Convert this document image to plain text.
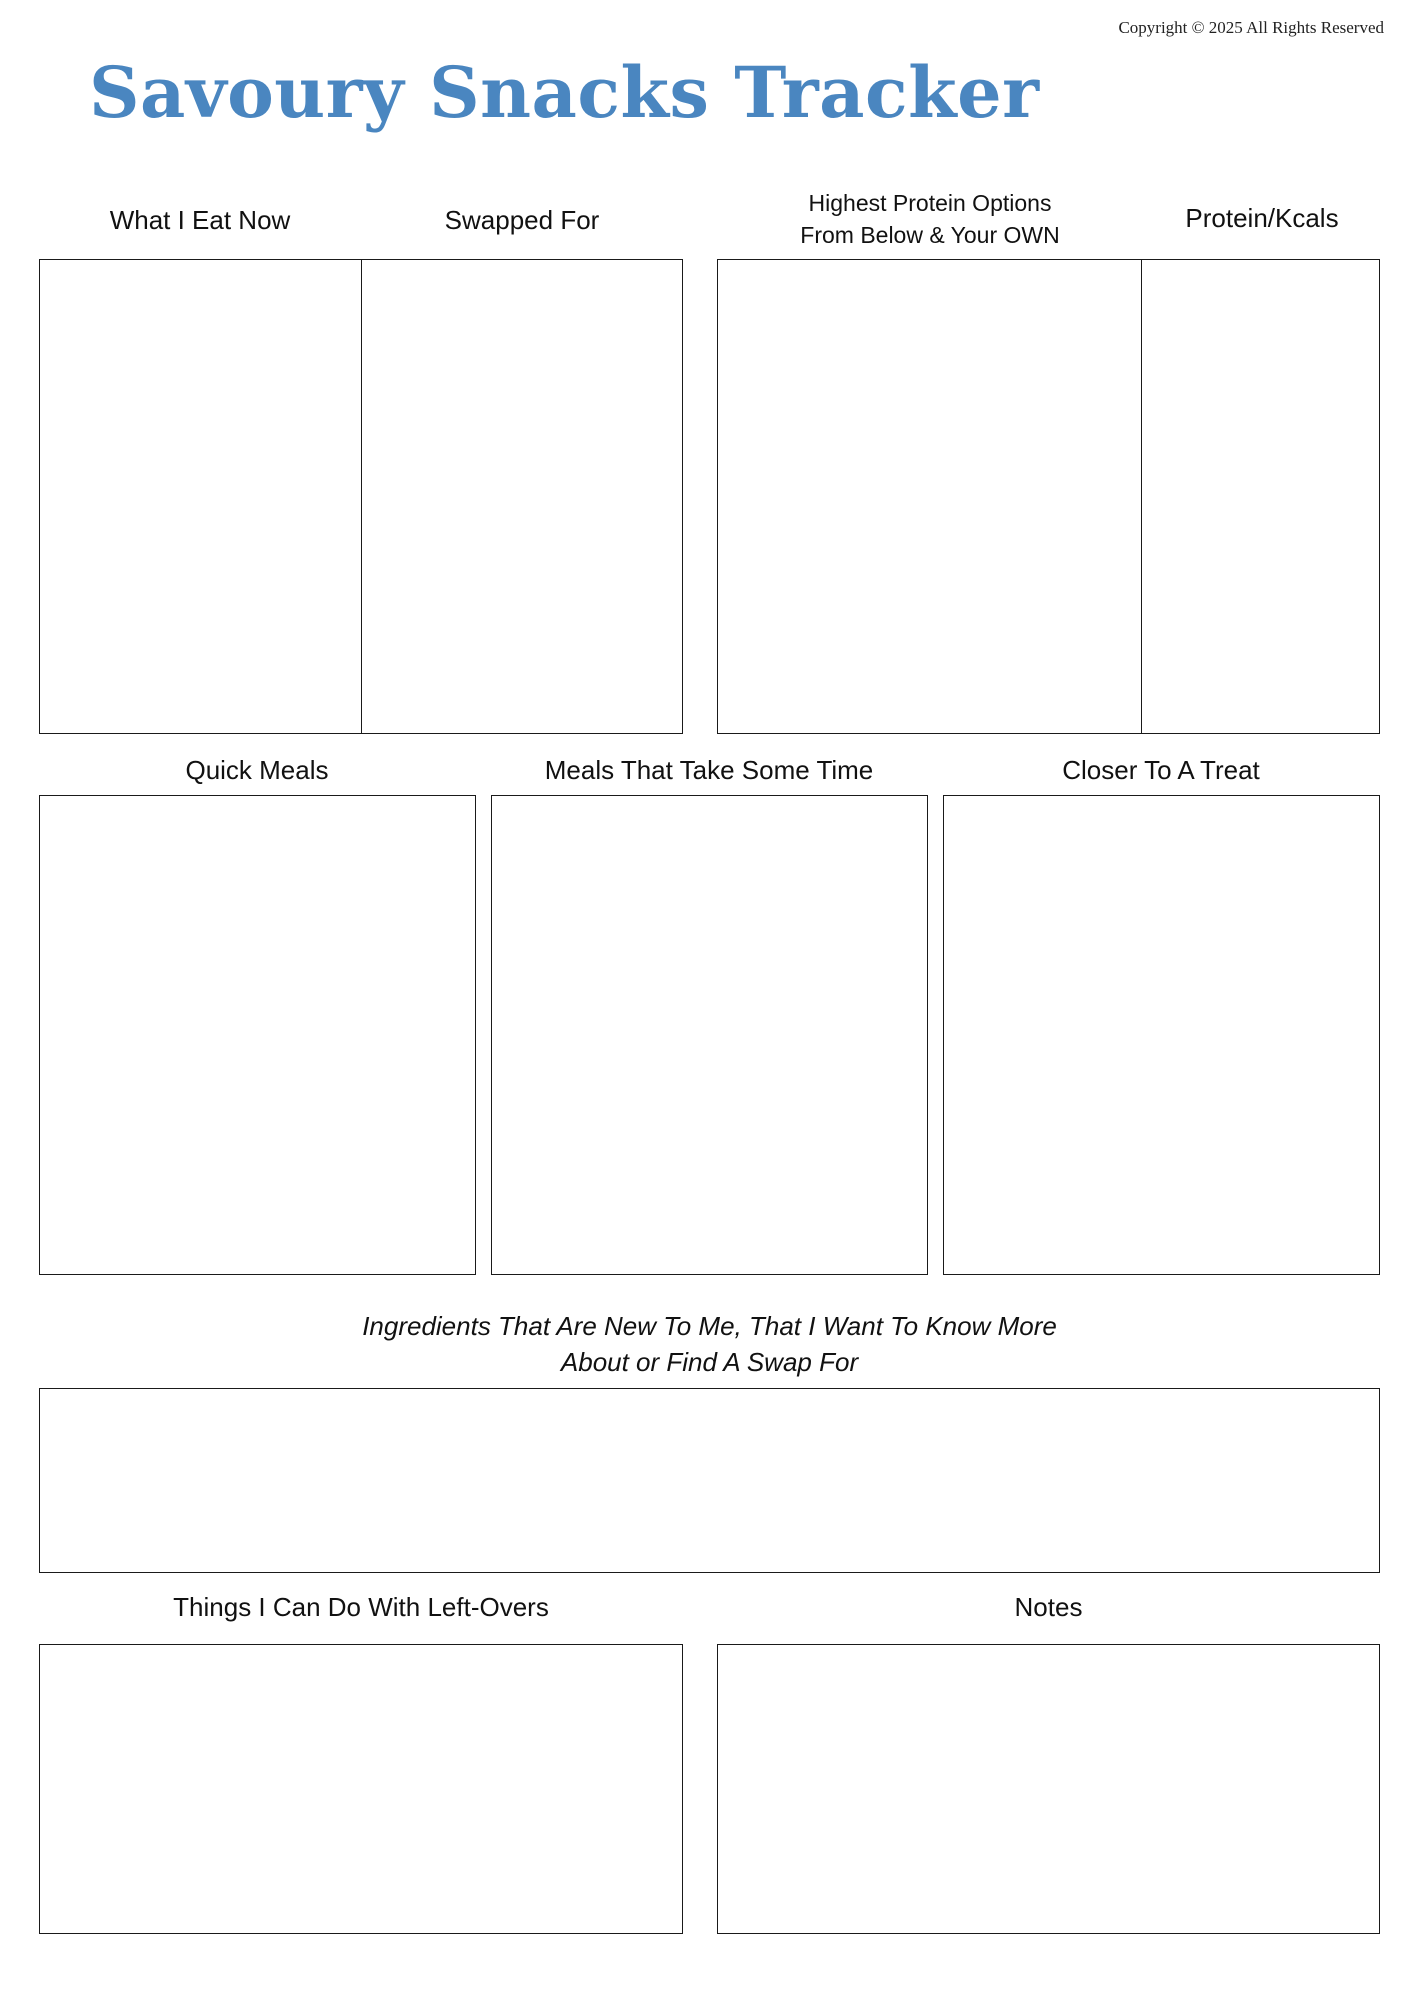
Copyright © 2025 All Rights Reserved
Savoury Snacks Tracker
What I Eat Now	Swapped For
Highest Protein Options
From Below & Your OWN
Protein/Kcals
Quick Meals	Meals That Take Some Time	Closer To A Treat
Ingredients That Are New To Me, That I Want To Know More
About or Find A Swap For
Things I Can Do With Left-Overs	Notes
